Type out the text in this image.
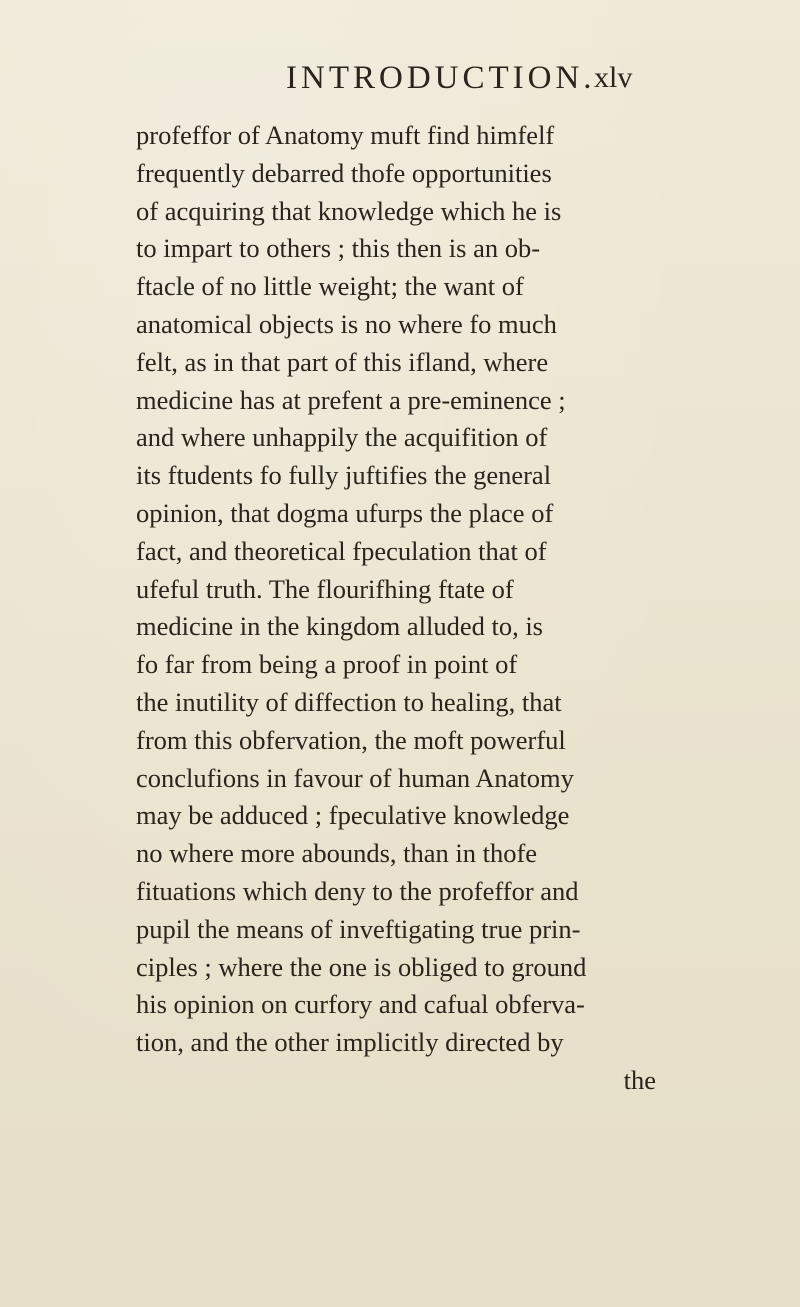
INTRODUCTION.
xlv
profeffor of Anatomy muft find himfelf
frequently debarred thofe opportunities
of acquiring that knowledge which he is
to impart to others ; this then is an ob-
ftacle of no little weight; the want of
anatomical objects is no where fo much
felt, as in that part of this ifland, where
medicine has at prefent a pre-eminence ;
and where unhappily the acquifition of
its ftudents fo fully juftifies the general
opinion, that dogma ufurps the place of
fact, and theoretical fpeculation that of
ufeful truth. The flourifhing ftate of
medicine in the kingdom alluded to, is
fo far from being a proof in point of
the inutility of diffection to healing, that
from this obfervation, the moft powerful
conclufions in favour of human Anatomy
may be adduced ; fpeculative knowledge
no where more abounds, than in thofe
fituations which deny to the profeffor and
pupil the means of inveftigating true prin-
ciples ; where the one is obliged to ground
his opinion on curfory and cafual obferva-
tion, and the other implicitly directed by
the
